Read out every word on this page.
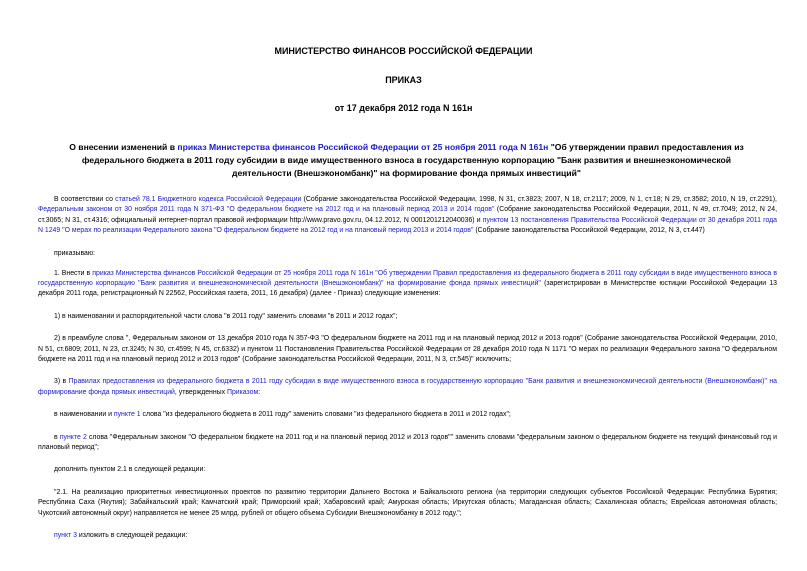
МИНИСТЕРСТВО ФИНАНСОВ РОССИЙСКОЙ ФЕДЕРАЦИИ
ПРИКАЗ
от 17 декабря 2012 года N 161н
О внесении изменений в приказ Министерства финансов Российской Федерации от 25 ноября 2011 года N 161н "Об утверждении правил предоставления из федерального бюджета в 2011 году субсидии в виде имущественного взноса в государственную корпорацию "Банк развития и внешнеэкономической деятельности (Внешэкономбанк)" на формирование фонда прямых инвестиций"

В соответствии со статьей 78.1 Бюджетного кодекса Российской Федерации (Собрание законодательства Российской Федерации, 1998, N 31, ст.3823; 2007, N 18, ст.2117; 2009, N 1, ст.18; N 29, ст.3582; 2010, N 19, ст.2291), Федеральным законом от 30 ноября 2011 года N 371-ФЗ "О федеральном бюджете на 2012 год и на плановый период 2013 и 2014 годов" (Собрание законодательства Российской Федерации, 2011, N 49, ст.7049; 2012, N 24, ст.3065; N 31, ст.4316; официальный интернет-портал правовой информации http://www.pravo.gov.ru, 04.12.2012, N 0001201212040036) и пунктом 13 постановления Правительства Российской Федерации от 30 декабря 2011 года N 1249 "О мерах по реализации Федерального закона "О федеральном бюджете на 2012 год и на плановый период 2013 и 2014 годов" (Собрание законодательства Российской Федерации, 2012, N 3, ст.447)

приказываю:

1. Внести в приказ Министерства финансов Российской Федерации от 25 ноября 2011 года N 161н "Об утверждении Правил предоставления из федерального бюджета в 2011 году субсидии в виде имущественного взноса в государственную корпорацию "Банк развития и внешнеэкономической деятельности (Внешэкономбанк)" на формирование фонда прямых инвестиций" (зарегистрирован в Министерстве юстиции Российской Федерации 13 декабря 2011 года, регистрационный N 22562, Российская газета, 2011, 16 декабря) (далее - Приказ) следующие изменения:

1) в наименовании и распорядительной части слова "в 2011 году" заменить словами "в 2011 и 2012 годах";

2) в преамбуле слова ", Федеральным законом от 13 декабря 2010 года N 357-ФЗ "О федеральном бюджете на 2011 год и на плановый период 2012 и 2013 годов" (Собрание законодательства Российской Федерации, 2010, N 51, ст.6809; 2011, N 23, ст.3245; N 30, ст.4599; N 45, ст.6332) и пунктом 11 Постановления Правительства Российской Федерации от 28 декабря 2010 года N 1171 "О мерах по реализации Федерального закона "О федеральном бюджете на 2011 год и на плановый период 2012 и 2013 годов" (Собрание законодательства Российской Федерации, 2011, N 3, ст.545)" исключить;

3) в Правилах предоставления из федерального бюджета в 2011 году субсидии в виде имущественного взноса в государственную корпорацию "Банк развития и внешнеэкономической деятельности (Внешэкономбанк)" на формирование фонда прямых инвестиций, утвержденных Приказом:

в наименовании и пункте 1 слова "из федерального бюджета в 2011 году" заменить словами "из федерального бюджета в 2011 и 2012 годах";

в пункте 2 слова "Федеральным законом "О федеральном бюджете на 2011 год и на плановый период 2012 и 2013 годов"" заменить словами "федеральным законом о федеральном бюджете на текущий финансовый год и плановый период";

дополнить пунктом 2.1 в следующей редакции:

"2.1. На реализацию приоритетных инвестиционных проектов по развитию территории Дальнего Востока и Байкальского региона (на территории следующих субъектов Российской Федерации: Республика Бурятия; Республика Саха (Якутия); Забайкальский край; Камчатский край; Приморский край; Хабаровский край; Амурская область; Иркутская область; Магаданская область; Сахалинская область; Еврейская автономная область; Чукотский автономный округ) направляется не менее 25 млрд. рублей от общего объема Субсидии Внешэкономбанку в 2012 году.";

пункт 3 изложить в следующей редакции:
